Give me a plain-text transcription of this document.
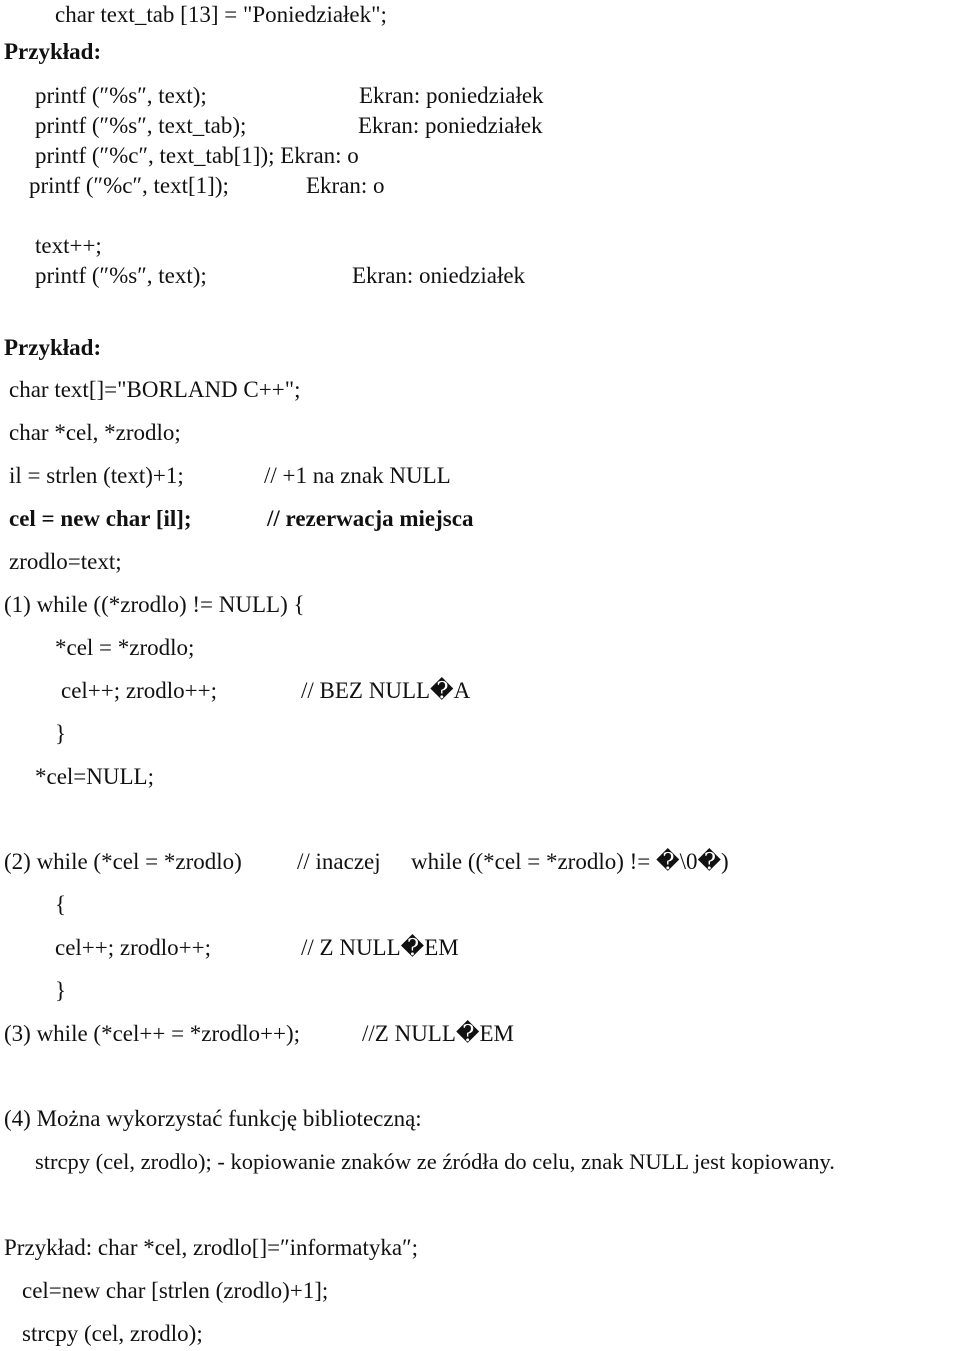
char text_tab [13] = "Poniedziałek";
Przykład:
printf (″%s″, text);	Ekran: poniedziałek
printf (″%s″, text_tab);	Ekran: poniedziałek
printf (″%c″, text_tab[1]); Ekran: o
printf (″%c″, text[1]);	Ekran: o
text++;
printf (″%s″, text);	Ekran: oniedziałek
Przykład:
char text[]="BORLAND C++";
char *cel, *zrodlo;
il = strlen (text)+1;	// +1 na znak NULL
cel = new char [il];	// rezerwacja miejsca
zrodlo=text;
(1) while ((*zrodlo) != NULL) {
*cel = *zrodlo;
cel++; zrodlo++;	// BEZ NULL�A
}
*cel=NULL;
(2) while (*cel = *zrodlo) // inaczej while ((*cel = *zrodlo) != �\0�)
{
cel++; zrodlo++;	// Z NULL�EM
}
(3) while (*cel++ = *zrodlo++);	//Z NULL�EM
(4) Można wykorzystać funkcję biblioteczną:
strcpy (cel, zrodlo); - kopiowanie znaków ze źródła do celu, znak NULL jest kopiowany.
Przykład: char *cel, zrodlo[]=″informatyka″;
cel=new char [strlen (zrodlo)+1];
strcpy (cel, zrodlo);
